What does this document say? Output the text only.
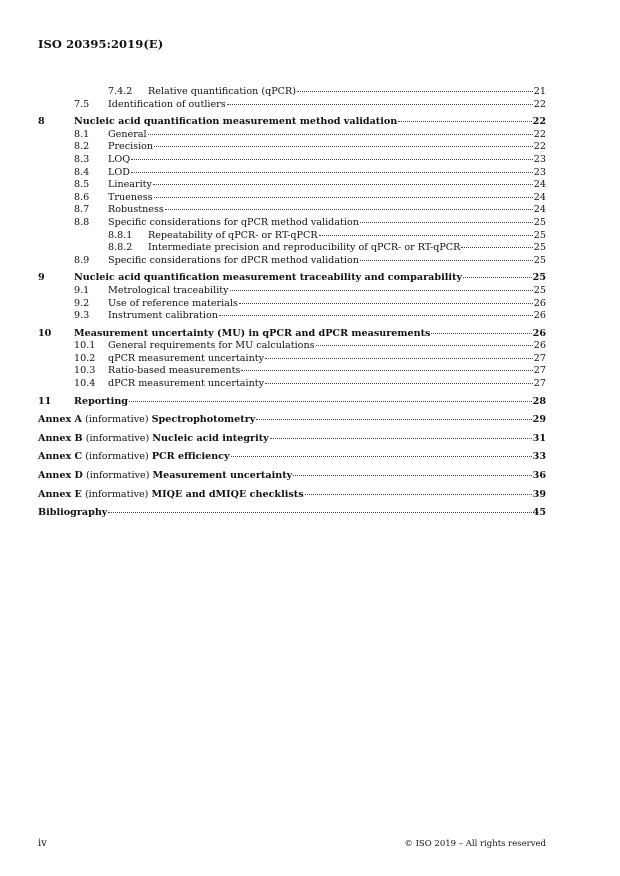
ISO 20395:2019(E)
7.4.2	Relative quantification (qPCR)	21
7.5	Identification of outliers	22
8	Nucleic acid quantification measurement method validation	22
8.1	General	22
8.2	Precision	22
8.3	LOQ	23
8.4	LOD	23
8.5	Linearity	24
8.6	Trueness	24
8.7	Robustness	24
8.8	Specific considerations for qPCR method validation	25
8.8.1	Repeatability of qPCR- or RT-qPCR	25
8.8.2	Intermediate precision and reproducibility of qPCR- or RT-qPCR	25
8.9	Specific considerations for dPCR method validation	25
9	Nucleic acid quantification measurement traceability and comparability	25
9.1	Metrological traceability	25
9.2	Use of reference materials	26
9.3	Instrument calibration	26
10	Measurement uncertainty (MU) in qPCR and dPCR measurements	26
10.1	General requirements for MU calculations	26
10.2	qPCR measurement uncertainty	27
10.3	Ratio-based measurements	27
10.4	dPCR measurement uncertainty	27
11	Reporting	28
Annex A (informative) Spectrophotometry	29
Annex B (informative) Nucleic acid integrity	31
Annex C (informative) PCR efficiency	33
Annex D (informative) Measurement uncertainty	36
Annex E (informative) MIQE and dMIQE checklists	39
Bibliography	45
iv	© ISO 2019 – All rights reserved
